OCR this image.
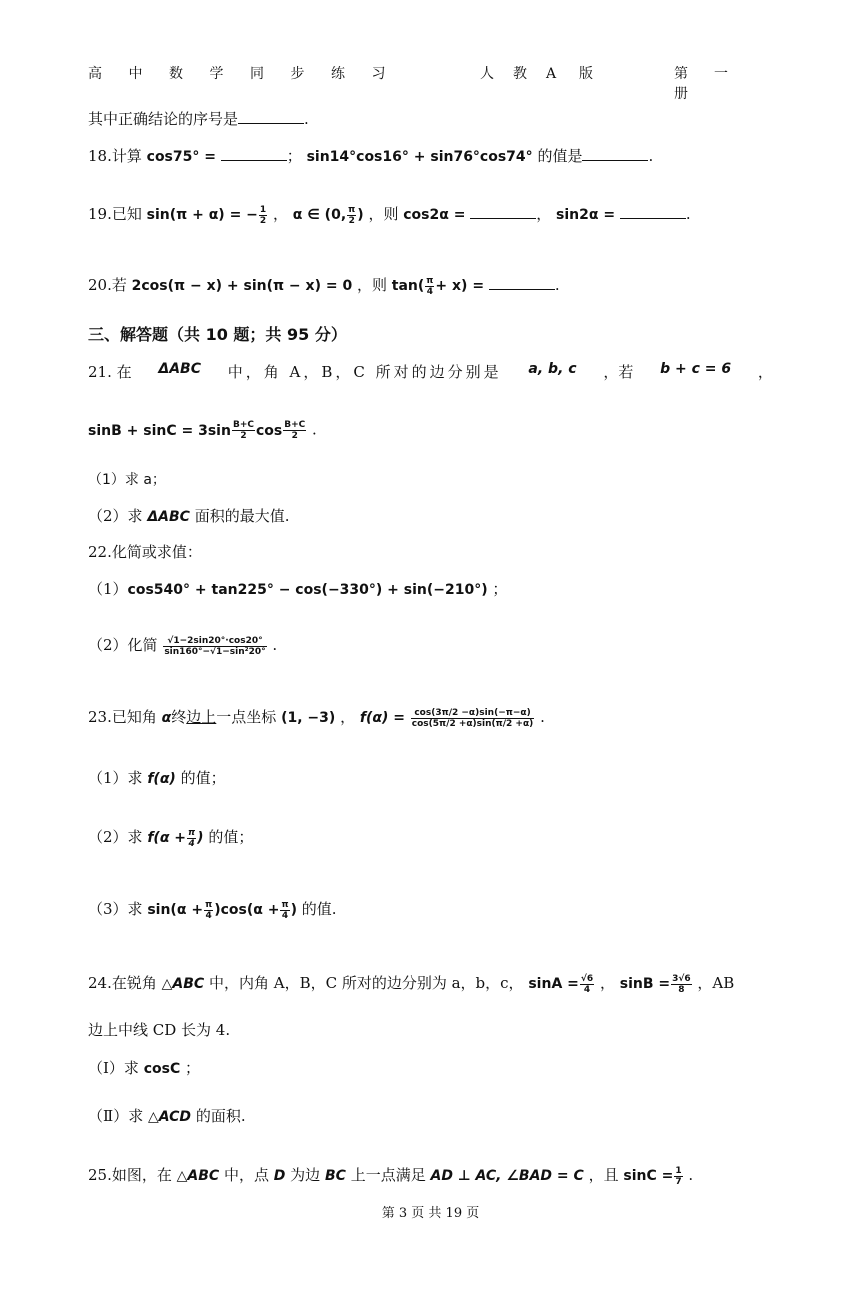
高 中 数 学 同 步 练 习	人 教 A 版	第 一册
其中正确结论的序号是	.
18.计算 cos75° =	； sin14°cos16° + sin76°cos74° 的值是	.
19.已知 sin(π + α) = − $\frac{1}{2}$ ， α ∈ (0, $\frac{\pi}{2}$ ) ，则 cos2α =	， sin2α =	.
20.若 2cos(π − x) + sin(π − x) = 0 ，则 $\tan( \frac{\pi}{4} + x)$ =	.
三、解答题（共 10 题；共 95 分）
21. 在 ΔABC 中，角 A，B，C 所对的边分别是 a, b, c ，若 b + c = 6 ，
$\sin B + \sin C = 3\sin \frac{B+C}{2}$ $\cos \frac{B+C}{2}$ .
（1）求 a；
（2）求 ΔABC 面积的最大值.
22.化简或求值：
（1）cos540° + tan225° − cos(−330°) + sin(−210°) ；
（2）化简 $\frac{√1-2\sin 20^\circ\cdot\cos 20^\circ}{\text{sin160°−√1−sin²20°}}$ .
23.已知角 α终边上一点坐标 (1, −3) ， $f(\alpha) = \frac{\cos(3\pi/2 -\alpha)\sin(-\pi-\alpha)}{\cos(5\pi/2 +\alpha)\sin(\pi/2 +\alpha)}$ .
（1）求 f(α) 的值；
（2）求 $f(\alpha + \frac{\pi}{4}$ ) 的值；
（3）求 $\sin(\alpha + \frac{\pi}{4} )\cos(\alpha + \frac{\pi}{4}$ ) 的值.
24.在锐角 △ABC 中，内角 A，B，C 所对的边分别为 a，b，c， $\sin A = \frac{√6}{4}$ ， $\sin B = \frac{3√6}{8}$ ，AB
边上中线 CD 长为 4.
（Ⅰ）求 cosC ；
（Ⅱ）求 △ACD 的面积.
25.如图，在 △ABC 中，点 D 为边 BC 上一点满足 AD ⊥ AC, ∠BAD = C ，且 $\sin C = \frac{1}{7}$ .
第 3 页 共 19 页
